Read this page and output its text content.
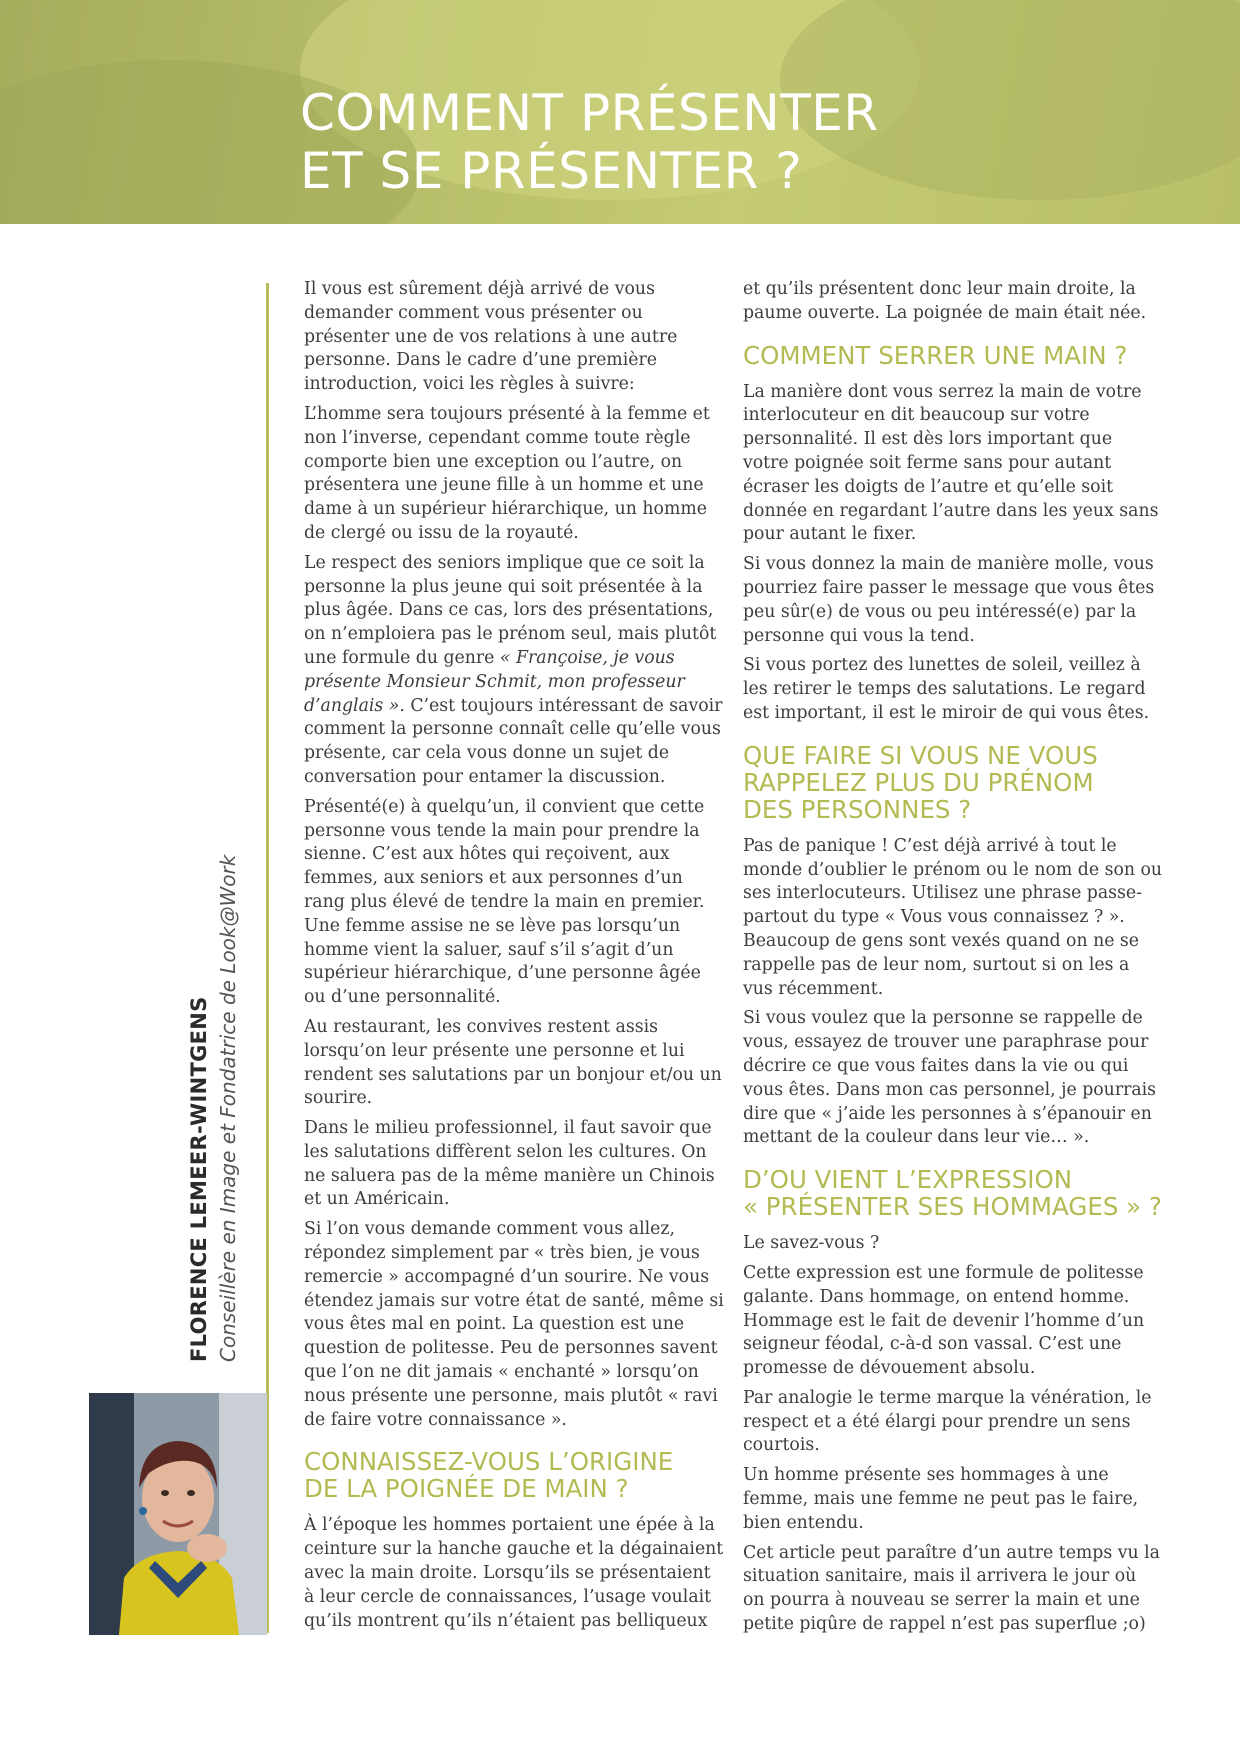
COMMENT PRÉSENTER
ET SE PRÉSENTER ?
FLORENCE LEMEER-WINTGENS Conseillère en Image et Fondatrice de Look@Work

Il vous est sûrement déjà arrivé de vous demander comment vous présenter ou présenter une de vos relations à une autre personne. Dans le cadre d’une première introduction, voici les règles à suivre:

L’homme sera toujours présenté à la femme et non l’inverse, cependant comme toute règle comporte bien une exception ou l’autre, on présentera une jeune fille à un homme et une dame à un supérieur hiérarchique, un homme de clergé ou issu de la royauté.

Le respect des seniors implique que ce soit la personne la plus jeune qui soit présentée à la plus âgée. Dans ce cas, lors des présentations, on n’emploiera pas le prénom seul, mais plutôt une formule du genre « Françoise, je vous présente Monsieur Schmit, mon professeur d’anglais ». C’est toujours intéressant de savoir comment la personne connaît celle qu’elle vous présente, car cela vous donne un sujet de conversation pour entamer la discussion.

Présenté(e) à quelqu’un, il convient que cette personne vous tende la main pour prendre la sienne. C’est aux hôtes qui reçoivent, aux femmes, aux seniors et aux personnes d’un rang plus élevé de tendre la main en premier. Une femme assise ne se lève pas lorsqu’un homme vient la saluer, sauf s’il s’agit d’un supérieur hiérarchique, d’une personne âgée ou d’une personnalité.

Au restaurant, les convives restent assis lorsqu’on leur présente une personne et lui rendent ses salutations par un bonjour et/ou un sourire.

Dans le milieu professionnel, il faut savoir que les salutations diffèrent selon les cultures. On ne saluera pas de la même manière un Chinois et un Américain.

Si l’on vous demande comment vous allez, répondez simplement par « très bien, je vous remercie » accompagné d’un sourire. Ne vous étendez jamais sur votre état de santé, même si vous êtes mal en point. La question est une question de politesse. Peu de personnes savent que l’on ne dit jamais « enchanté » lorsqu’on nous présente une personne, mais plutôt « ravi de faire votre connaissance ».

CONNAISSEZ-VOUS L’ORIGINE
DE LA POIGNÉE DE MAIN ?

À l’époque les hommes portaient une épée à la ceinture sur la hanche gauche et la dégainaient avec la main droite. Lorsqu’ils se présentaient à leur cercle de connaissances, l’usage voulait qu’ils montrent qu’ils n’étaient pas belliqueux

et qu’ils présentent donc leur main droite, la paume ouverte. La poignée de main était née.

COMMENT SERRER UNE MAIN ?

La manière dont vous serrez la main de votre interlocuteur en dit beaucoup sur votre personnalité. Il est dès lors important que votre poignée soit ferme sans pour autant écraser les doigts de l’autre et qu’elle soit donnée en regardant l’autre dans les yeux sans pour autant le fixer.

Si vous donnez la main de manière molle, vous pourriez faire passer le message que vous êtes peu sûr(e) de vous ou peu intéressé(e) par la personne qui vous la tend.

Si vous portez des lunettes de soleil, veillez à les retirer le temps des salutations. Le regard est important, il est le miroir de qui vous êtes.

QUE FAIRE SI VOUS NE VOUS
RAPPELEZ PLUS DU PRÉNOM
DES PERSONNES ?

Pas de panique ! C’est déjà arrivé à tout le monde d’oublier le prénom ou le nom de son ou ses interlocuteurs. Utilisez une phrase passe-partout du type « Vous vous connaissez ? ». Beaucoup de gens sont vexés quand on ne se rappelle pas de leur nom, surtout si on les a vus récemment.

Si vous voulez que la personne se rappelle de vous, essayez de trouver une paraphrase pour décrire ce que vous faites dans la vie ou qui vous êtes. Dans mon cas personnel, je pourrais dire que « j’aide les personnes à s’épanouir en mettant de la couleur dans leur vie… ».

D’OU VIENT L’EXPRESSION
« PRÉSENTER SES HOMMAGES » ?

Le savez-vous ?

Cette expression est une formule de politesse galante. Dans hommage, on entend homme. Hommage est le fait de devenir l’homme d’un seigneur féodal, c-à-d son vassal. C’est une promesse de dévouement absolu.

Par analogie le terme marque la vénération, le respect et a été élargi pour prendre un sens courtois.

Un homme présente ses hommages à une femme, mais une femme ne peut pas le faire, bien entendu.

Cet article peut paraître d’un autre temps vu la situation sanitaire, mais il arrivera le jour où on pourra à nouveau se serrer la main et une petite piqûre de rappel n’est pas superflue ;o)
